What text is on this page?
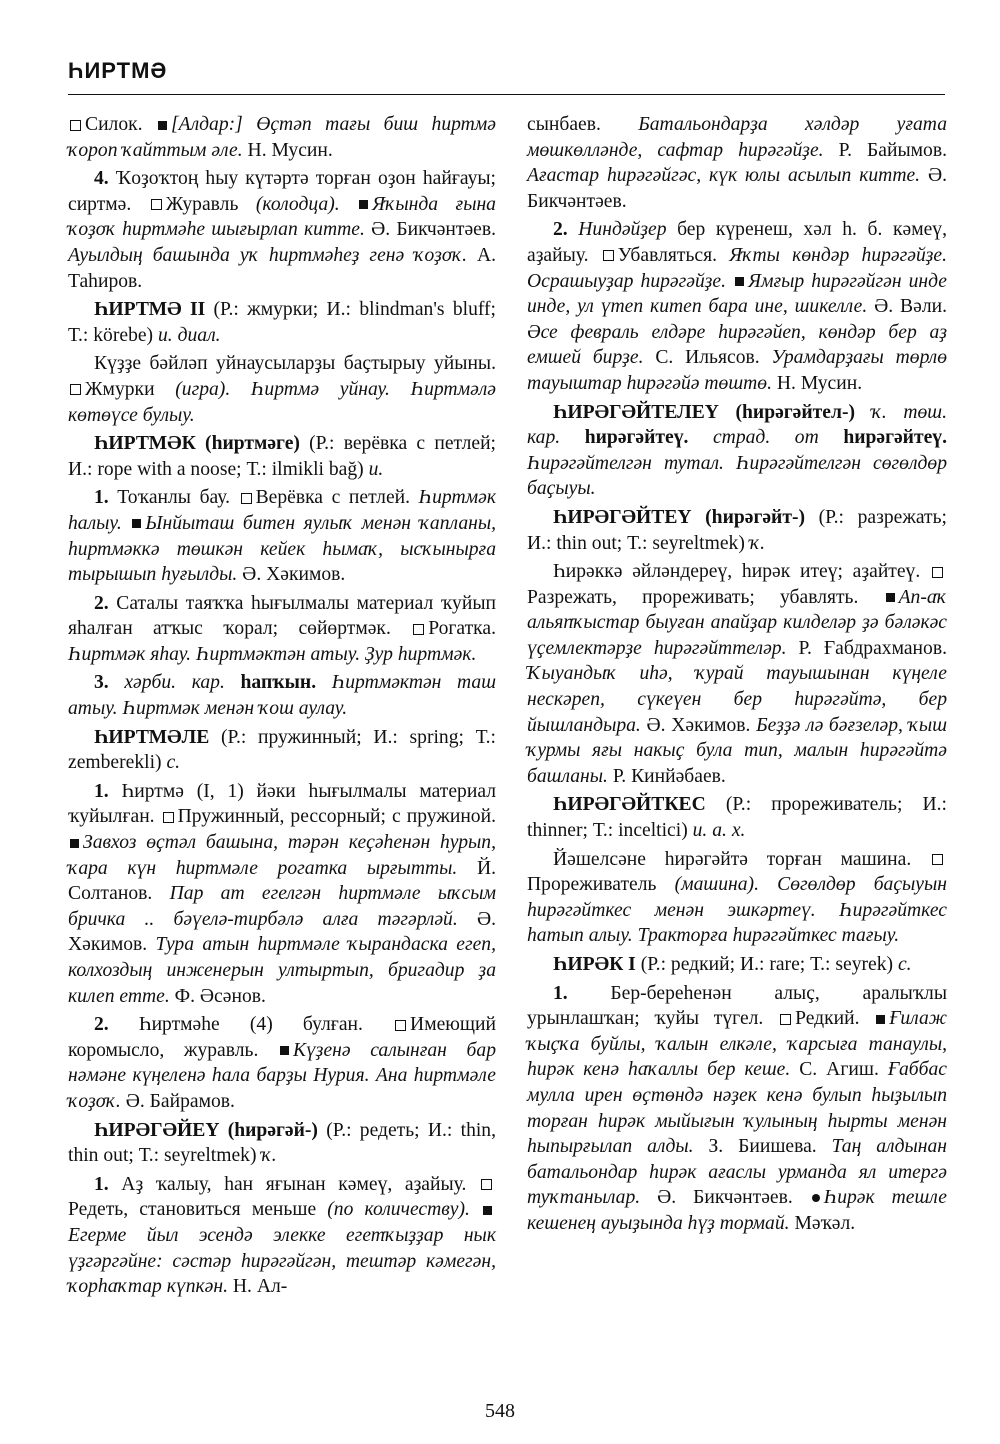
ҺИРТМӘ

Силок. [Алдар:] Өҫтәп тағы биш һиртмә ҡороп ҡайттым әле. Н. Мусин.

4. Ҡоҙоҡтоң һыу күтәртә торған оҙон һайғауы; сиртмә. Журавль (колодца). Яҡында ғына ҡоҙоҡ һиртмәһе шығырлап китте. Ә. Бикчәнтәев. Ауылдың башында уҡ һиртмәһеҙ генә ҡоҙоҡ. А. Таһиров.

ҺИРТМӘ II (Р.: жмурки; И.: blindman's bluff; Т.: körebe) и. диал.

Күҙҙе бәйләп уйнаусыларҙы баҫтырыу уйыны. Жмурки (игра). Һиртмә уйнау. Һиртмәлә көтөүсе булыу.

ҺИРТМӘК (һиртмәге) (Р.: верёвка с петлей; И.: rope with a noose; Т.: ilmikli bağ) и.

1. Тоҡанлы бау. Верёвка с петлей. Һиртмәк һалыу. Ынйыташ битен яулыҡ менән ҡапланы, һиртмәккә төшкән кейек һымаҡ, ысҡынырға тырышып һуғылды. Ә. Хәкимов.

2. Саталы таяҡҡа һығылмалы материал ҡуйып яһалған атҡыс ҡорал; сөйөртмәк. Рогатка. Һиртмәк яһау. Һиртмәктән атыу. Ҙур һиртмәк.

3. хәрби. кар. һапҡын. Һиртмәктән таш атыу. Һиртмәк менән ҡош аулау.

ҺИРТМӘЛЕ (Р.: пружинный; И.: spring; Т.: zemberekli) с.

1. Һиртмә (I, 1) йәки һығылмалы материал ҡуйылған. Пружинный, рессорный; с пружиной. Завхоз өҫтәл башына, тәрән кеҫәһенән һурып, ҡара күн һиртмәле рогатка ырғытты. Й. Солтанов. Пар ат егелгән һиртмәле ыҡсым бричка .. бәүелә-тирбәлә алға тәгәрләй. Ә. Хәкимов. Тура атын һиртмәле ҡырандаска егеп, колхоздың инженерын ултыртып, бригадир ҙа килеп етте. Ф. Әсәнов.

2. Һиртмәһе (4) булған. Имеющий коромысло, журавль. Күҙенә салынған бар нәмәне күңеленә һала барҙы Нурия. Ана һиртмәле ҡоҙоҡ. Ә. Байрамов.

ҺИРӘГӘЙЕҮ (һирәгәй-) (Р.: редеть; И.: thin, thin out; Т.: seyreltmek) ҡ.

1. Аҙ ҡалыу, һан яғынан кәмеү, аҙайыу. Редеть, становиться меньше (по количеству). Егерме йыл эсендә элекке егетҡыҙҙар нык үҙгәргәйне: сәстәр һирәгәйгән, тештәр кәмегән, ҡорһаҡтар күпкән. Н. Ал-

сынбаев. Батальондарҙа хәлдәр уғата мөшкөлләнде, сафтар һирәгәйҙе. Р. Байымов. Ағастар һирәгәйгәс, күк юлы асылып китте. Ә. Бикчәнтәев.

2. Ниндәйҙер бер күренеш, хәл һ. б. кәмеү, аҙайыу. Убавляться. Яҡты көндәр һирәгәйҙе. Осрашыуҙар һирәгәйҙе. Ямғыр һирәгәйгән инде инде, ул үтеп китеп бара ине, шикелле. Ә. Вәли. Әсе февраль елдәре һирәгәйеп, көндәр бер аҙ емшей бирҙе. С. Ильясов. Урамдарҙағы төрлө тауыштар һирәгәйә төштө. Н. Мусин.

ҺИРӘГӘЙТЕЛЕҮ (һирәгәйтел-) ҡ. төш. кар. һирәгәйтеү. страд. от һирәгәйтеү. Һирәгәйтелгән тутал. Һирәгәйтелгән сөгөлдөр баҫыуы.

ҺИРӘГӘЙТЕҮ (һирәгәйт-) (Р.: разрежать; И.: thin out; Т.: seyreltmek) ҡ.

Һирәккә әйләндереү, һирәк итеү; аҙайтеү. Разрежать, прореживать; убавлять. Ап-аҡ альяпҡыстар быуған апайҙар килделәр ҙә бәләкәс үҫемлектәрҙе һирәгәйттеләр. Р. Ғабдрахманов. Ҡыуандыҡ иһә, ҡурай тауышынан күңеле нескәреп, сүкеүен бер һирәгәйтә, бер йышландыра. Ә. Хәкимов. Беҙҙә лә бәғзеләр, ҡыш ҡурмы яғы накыҫ була тип, малын һирәгәйтә башланы. Р. Кинйәбаев.

ҺИРӘГӘЙТКЕС (Р.: прореживатель; И.: thinner; Т.: inceltici) и. а. х.

Йәшелсәне һирәгәйтә торған машина. Прореживатель (машина). Сөгөлдөр баҫыуын һирәгәйткес менән эшкәртеү. Һирәгәйткес һатып алыу. Тракторға һирәгәйткес тағыу.

ҺИРӘК I (Р.: редкий; И.: rare; Т.: seyrek) с.

1. Бер-береһенән алыҫ, аралыҡлы урынлашҡан; ҡуйы түгел. Редкий. Ғилаж ҡыҫҡа буйлы, ҡалын елкәле, ҡарсыға танаулы, һирәк кенә һаҡаллы бер кеше. С. Агиш. Ғаббас мулла ирен өҫтөндә нәҙек кенә булып һыҙылып торған һирәк мыйығын ҡулының һырты менән һыпырғылап алды. З. Биишева. Таң алдынан батальондар һирәк ағаслы урманда ял итергә туҡтанылар. Ә. Бикчәнтәев. Һирәк тешле кешенең ауыҙында һүҙ тормай. Мәҡәл.

548
